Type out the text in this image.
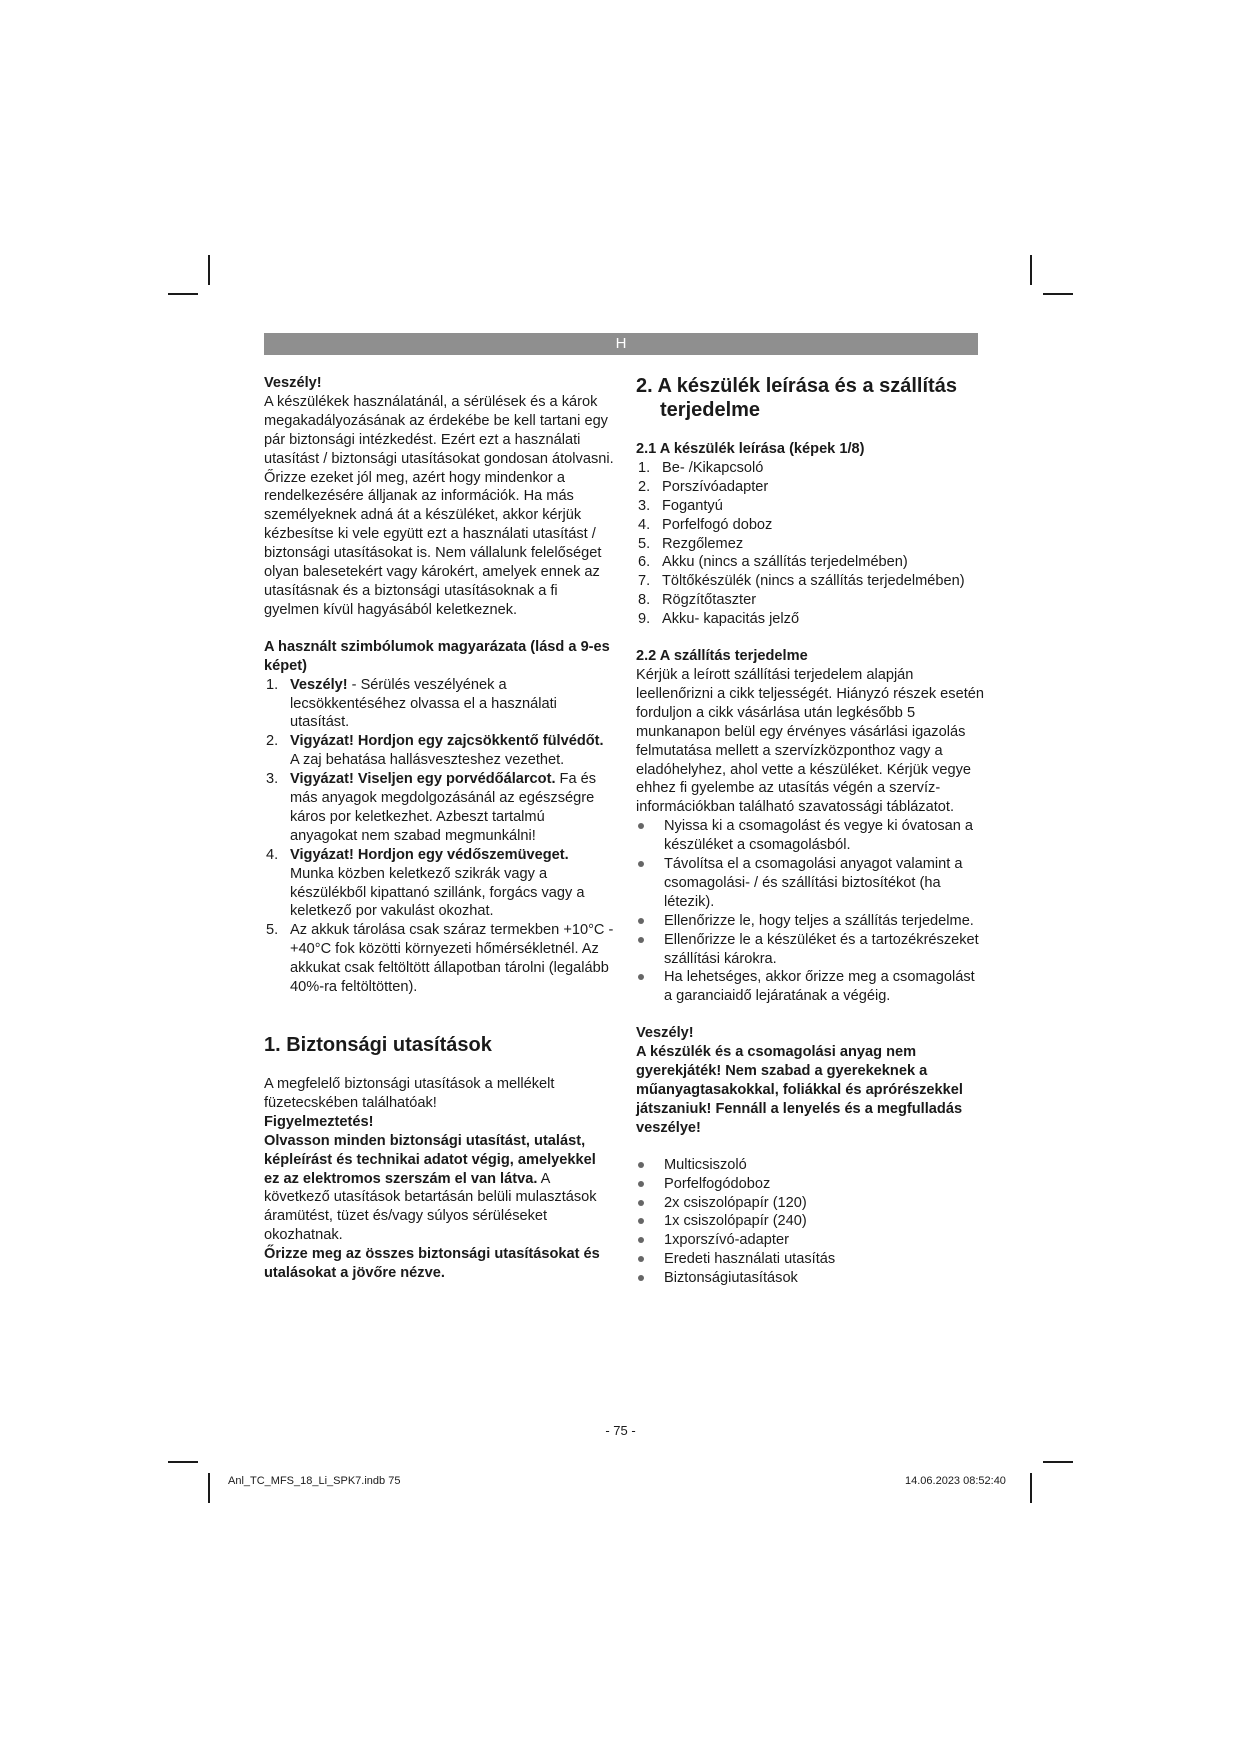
H

Veszély!

A készülékek használatánál, a sérülések és a károk megakadályozásának az érdekébe be kell tartani egy pár biztonsági intézkedést. Ezért ezt a használati utasítást / biztonsági utasításokat gondosan átolvasni. Őrizze ezeket jól meg, azért hogy mindenkor a rendelkezésére álljanak az információk. Ha más személyeknek adná át a készüléket, akkor kérjük kézbesítse ki vele együtt ezt a használati utasítást / biztonsági utasításokat is. Nem vállalunk felelőséget olyan balesetekért vagy károkért, amelyek ennek az utasításnak és a biztonsági utasításoknak a fi gyelmen kívül hagyásából keletkeznek.

A használt szimbólumok magyarázata (lásd a 9-es képet)

1. Veszély! - Sérülés veszélyének a lecsökkentéséhez olvassa el a használati utasítást.
2. Vigyázat! Hordjon egy zajcsökkentő fülvédőt. A zaj behatása hallásveszteshez vezethet.
3. Vigyázat! Viseljen egy porvédőálarcot. Fa és más anyagok megdolgozásánál az egészségre káros por keletkezhet. Azbeszt tartalmú anyagokat nem szabad megmunkálni!
4. Vigyázat! Hordjon egy védőszemüveget. Munka közben keletkező szikrák vagy a készülékből kipattanó szillánk, forgács vagy a keletkező por vakulást okozhat.
5. Az akkuk tárolása csak száraz termekben +10°C - +40°C fok közötti környezeti hőmérsékletnél. Az akkukat csak feltöltött állapotban tárolni (legalább 40%-ra feltöltötten).
1. Biztonsági utasítások

A megfelelő biztonsági utasítások a mellékelt füzetecskében találhatóak!

Figyelmeztetés!

Olvasson minden biztonsági utasítást, utalást, képleírást és technikai adatot végig, amelyekkel ez az elektromos szerszám el van látva. A következő utasítások betartásán belüli mulasztások áramütést, tüzet és/vagy súlyos sérüléseket okozhatnak.

Őrizze meg az összes biztonsági utasításokat és utalásokat a jövőre nézve.

2. A készülék leírása és a szállítás terjedelme
2.1 A készülék leírása (képek 1/8)
1. Be- /Kikapcsoló
2. Porszívóadapter
3. Fogantyú
4. Porfelfogó doboz
5. Rezgőlemez
6. Akku (nincs a szállítás terjedelmében)
7. Töltőkészülék (nincs a szállítás terjedelmében)
8. Rögzítőtaszter
9. Akku- kapacitás jelző
2.2 A szállítás terjedelme

Kérjük a leírott szállítási terjedelem alapján leellenőrizni a cikk teljességét. Hiányzó részek esetén forduljon a cikk vásárlása után legkésőbb 5 munkanapon belül egy érvényes vásárlási igazolás felmutatása mellett a szervízközponthoz vagy a eladóhelyhez, ahol vette a készüléket. Kérjük vegye ehhez fi gyelembe az utasítás végén a szervíz-információkban található szavatossági táblázatot.

Nyissa ki a csomagolást és vegye ki óvatosan a készüléket a csomagolásból.
Távolítsa el a csomagolási anyagot valamint a csomagolási- / és szállítási biztosítékot (ha létezik).
Ellenőrizze le, hogy teljes a szállítás terjedelme.
Ellenőrizze le a készüléket és a tartozékrészeket szállítási károkra.
Ha lehetséges, akkor őrizze meg a csomagolást a garanciaidő lejáratának a végéig.

Veszély!

A készülék és a csomagolási anyag nem gyerekjáték! Nem szabad a gyerekeknek a műanyagtasakokkal, foliákkal és aprórészekkel játszaniuk! Fennáll a lenyelés és a megfulladás veszélye!

Multicsiszoló
Porfelfogódoboz
2x csiszolópapír (120)
1x csiszolópapír (240)
1xporszívó-adapter
Eredeti használati utasítás
Biztonságiutasítások
- 75 -
Anl_TC_MFS_18_Li_SPK7.indb 75	14.06.2023 08:52:40
